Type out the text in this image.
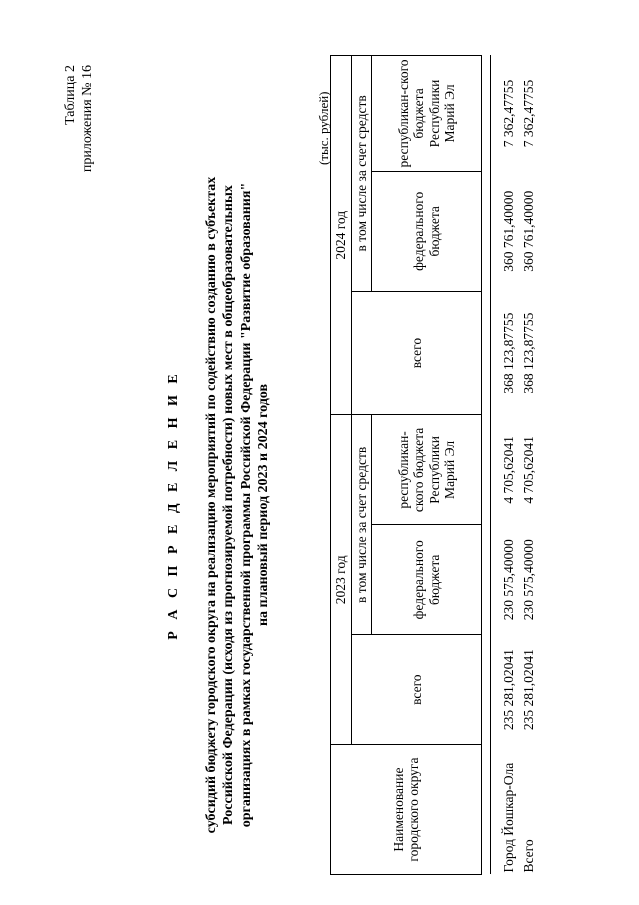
Таблица 2 приложения № 16
Р А С П Р Е Д Е Л Е Н И Е субсидий бюджету городского округа на реализацию мероприятий по содействию созданию в субъектах Российской Федерации (исходя из прогнозируемой потребности) новых мест в общеобразовательных организациях в рамках государственной программы Российской Федерации "Развитие образования" на плановый период 2023 и 2024 годов
(тыс. рублей)
Наименование городского округа	2023 год			2024 год		
	всего	в том числе за счет средств		всего	в том числе за счет средств	
		федерального бюджета	республикан-ского бюджета Республики Марий Эл		федерального бюджета	республикан-ского бюджета Республики Марий Эл

Город Йошкар-Ола	235 281,02041	230 575,40000	4 705,62041	368 123,87755	360 761,40000	7 362,47755
Всего	235 281,02041	230 575,40000	4 705,62041	368 123,87755	360 761,40000	7 362,47755
